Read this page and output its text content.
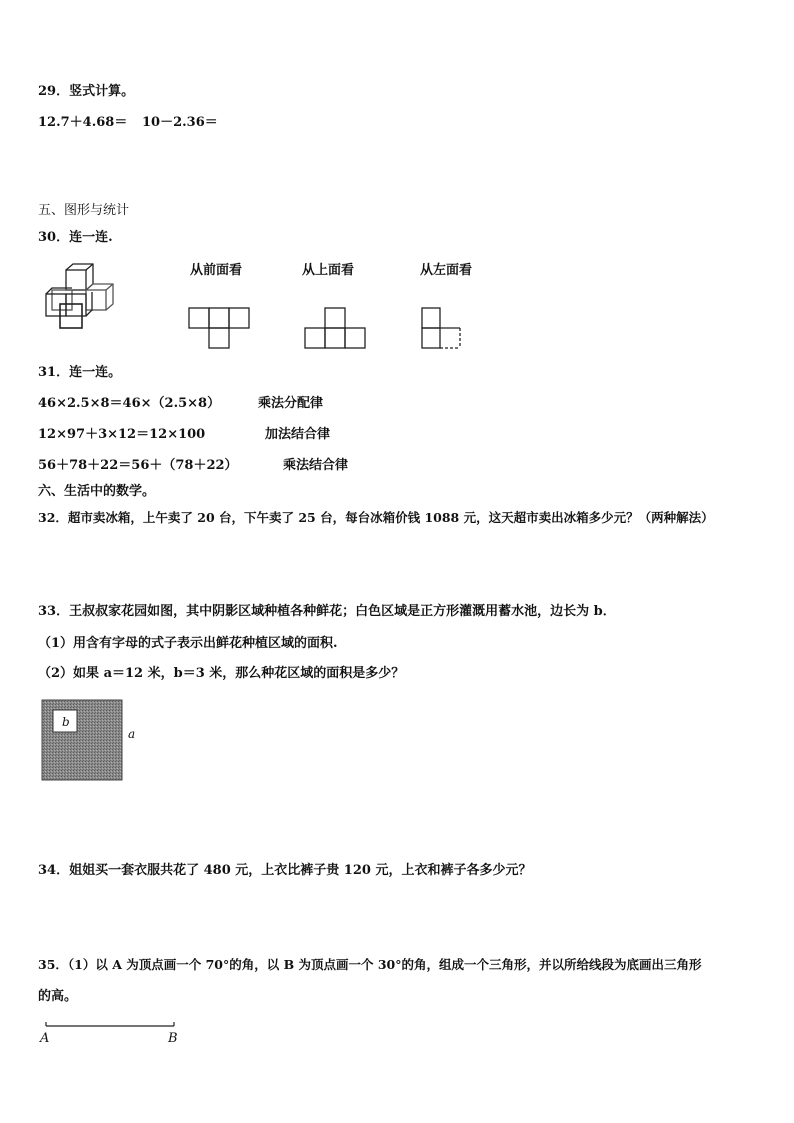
29．竖式计算。
12.7＋4.68＝ 10－2.36＝
五、图形与统计
30．连一连.
从前面看	从上面看	从左面看
31．连一连。
46×2.5×8＝46×（2.5×8）	乘法分配律
12×97＋3×12＝12×100	加法结合律
56＋78＋22＝56＋（78＋22）	乘法结合律
六、生活中的数学。
32．超市卖冰箱，上午卖了 20 台，下午卖了 25 台，每台冰箱价钱 1088 元，这天超市卖出冰箱多少元？（两种解法）
33．王叔叔家花园如图，其中阴影区域种植各种鲜花；白色区域是正方形灌溉用蓄水池，边长为 b．
（1）用含有字母的式子表示出鲜花种植区域的面积.
（2）如果 a＝12 米，b＝3 米，那么种花区域的面积是多少？
b
a
34．姐姐买一套衣服共花了 480 元，上衣比裤子贵 120 元，上衣和裤子各多少元？
35．（1）以 A 为顶点画一个 70°的角，以 B 为顶点画一个 30°的角，组成一个三角形，并以所给线段为底画出三角形
的高。
A	B
